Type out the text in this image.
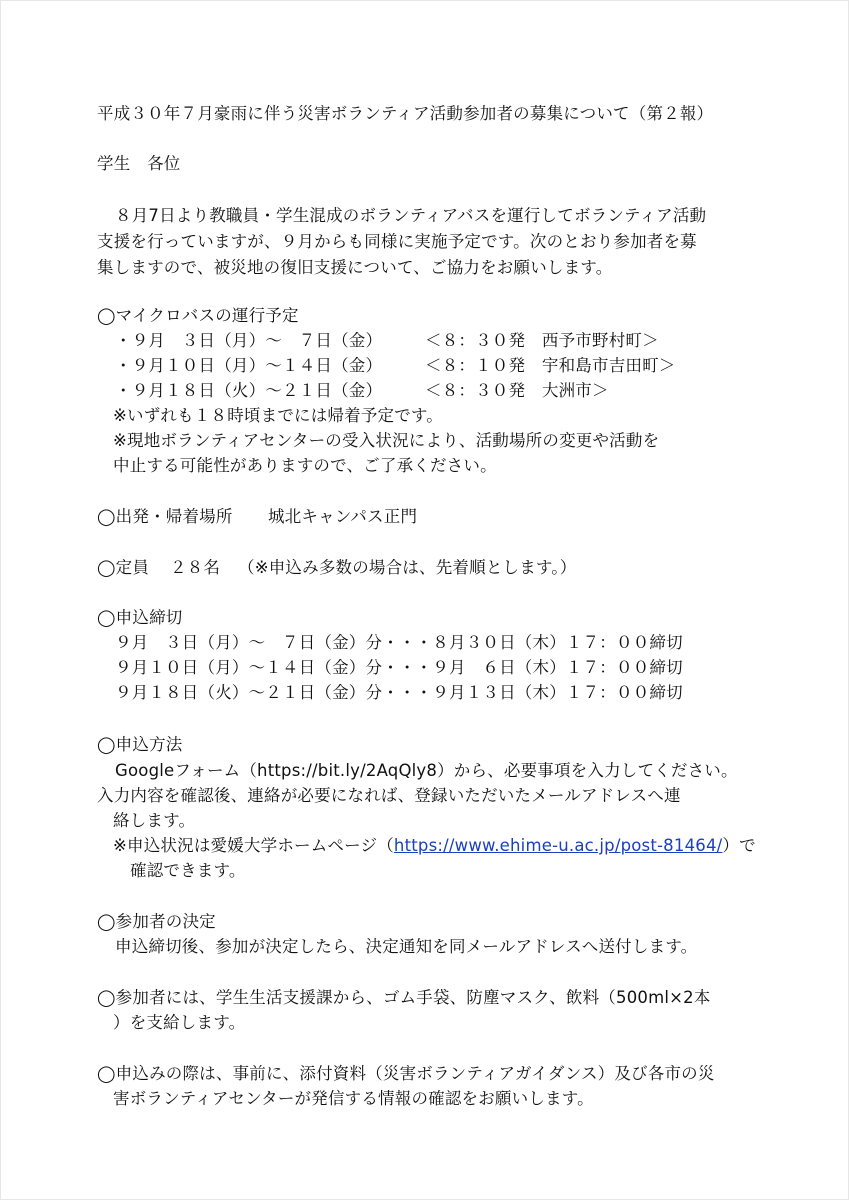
平成３０年７月豪雨に伴う災害ボランティア活動参加者の募集について（第２報）
学生　各位
８月7日より教職員・学生混成のボランティアバスを運行してボランティア活動
支援を行っていますが、９月からも同様に実施予定です。次のとおり参加者を募
集しますので、被災地の復旧支援について、ご協力をお願いします。
◯マイクロバスの運行予定
・９月　３日（月）～　７日（金）	＜８：３０発　西予市野村町＞
・９月１０日（月）～１４日（金）	＜８：１０発　宇和島市吉田町＞
・９月１８日（火）～２１日（金）	＜８：３０発　大洲市＞
※いずれも１８時頃までには帰着予定です。
※現地ボランティアセンターの受入状況により、活動場所の変更や活動を
中止する可能性がありますので、ご了承ください。
◯出発・帰着場所 城北キャンパス正門
◯定員 ２８名 （※申込み多数の場合は、先着順とします。）
◯申込締切
９月　３日（月）～　７日（金）分・・・８月３０日（木）１７：００締切
９月１０日（月）～１４日（金）分・・・９月　６日（木）１７：００締切
９月１８日（火）～２１日（金）分・・・９月１３日（木）１７：００締切
◯申込方法
Googleフォーム（https://bit.ly/2AqQly8）から、必要事項を入力してください。
入力内容を確認後、連絡が必要になれば、登録いただいたメールアドレスへ連
絡します。
※申込状況は愛媛大学ホームページ（https://www.ehime-u.ac.jp/post-81464/）で
確認できます。
◯参加者の決定
申込締切後、参加が決定したら、決定通知を同メールアドレスへ送付します。
◯参加者には、学生生活支援課から、ゴム手袋、防塵マスク、飲料（500ml×2本
）を支給します。
◯申込みの際は、事前に、添付資料（災害ボランティアガイダンス）及び各市の災
害ボランティアセンターが発信する情報の確認をお願いします。
